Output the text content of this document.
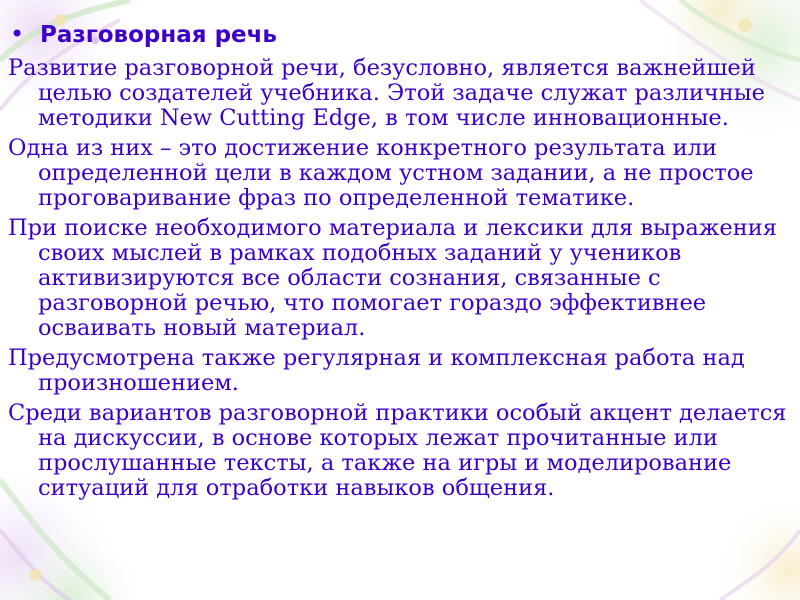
• Разговорная речь

Развитие разговорной речи, безусловно, является важнейшей целью создателей учебника. Этой задаче служат различные методики New Cutting Edge, в том числе инновационные.

Одна из них – это достижение конкретного результата или определенной цели в каждом устном задании, а не простое проговаривание фраз по определенной тематике.

При поиске необходимого материала и лексики для выражения своих мыслей в рамках подобных заданий у учеников активизируются все области сознания, связанные с разговорной речью, что помогает гораздо эффективнее осваивать новый материал.

Предусмотрена также регулярная и комплексная работа над произношением.

Среди вариантов разговорной практики особый акцент делается на дискуссии, в основе которых лежат прочитанные или прослушанные тексты, а также на игры и моделирование ситуаций для отработки навыков общения.
